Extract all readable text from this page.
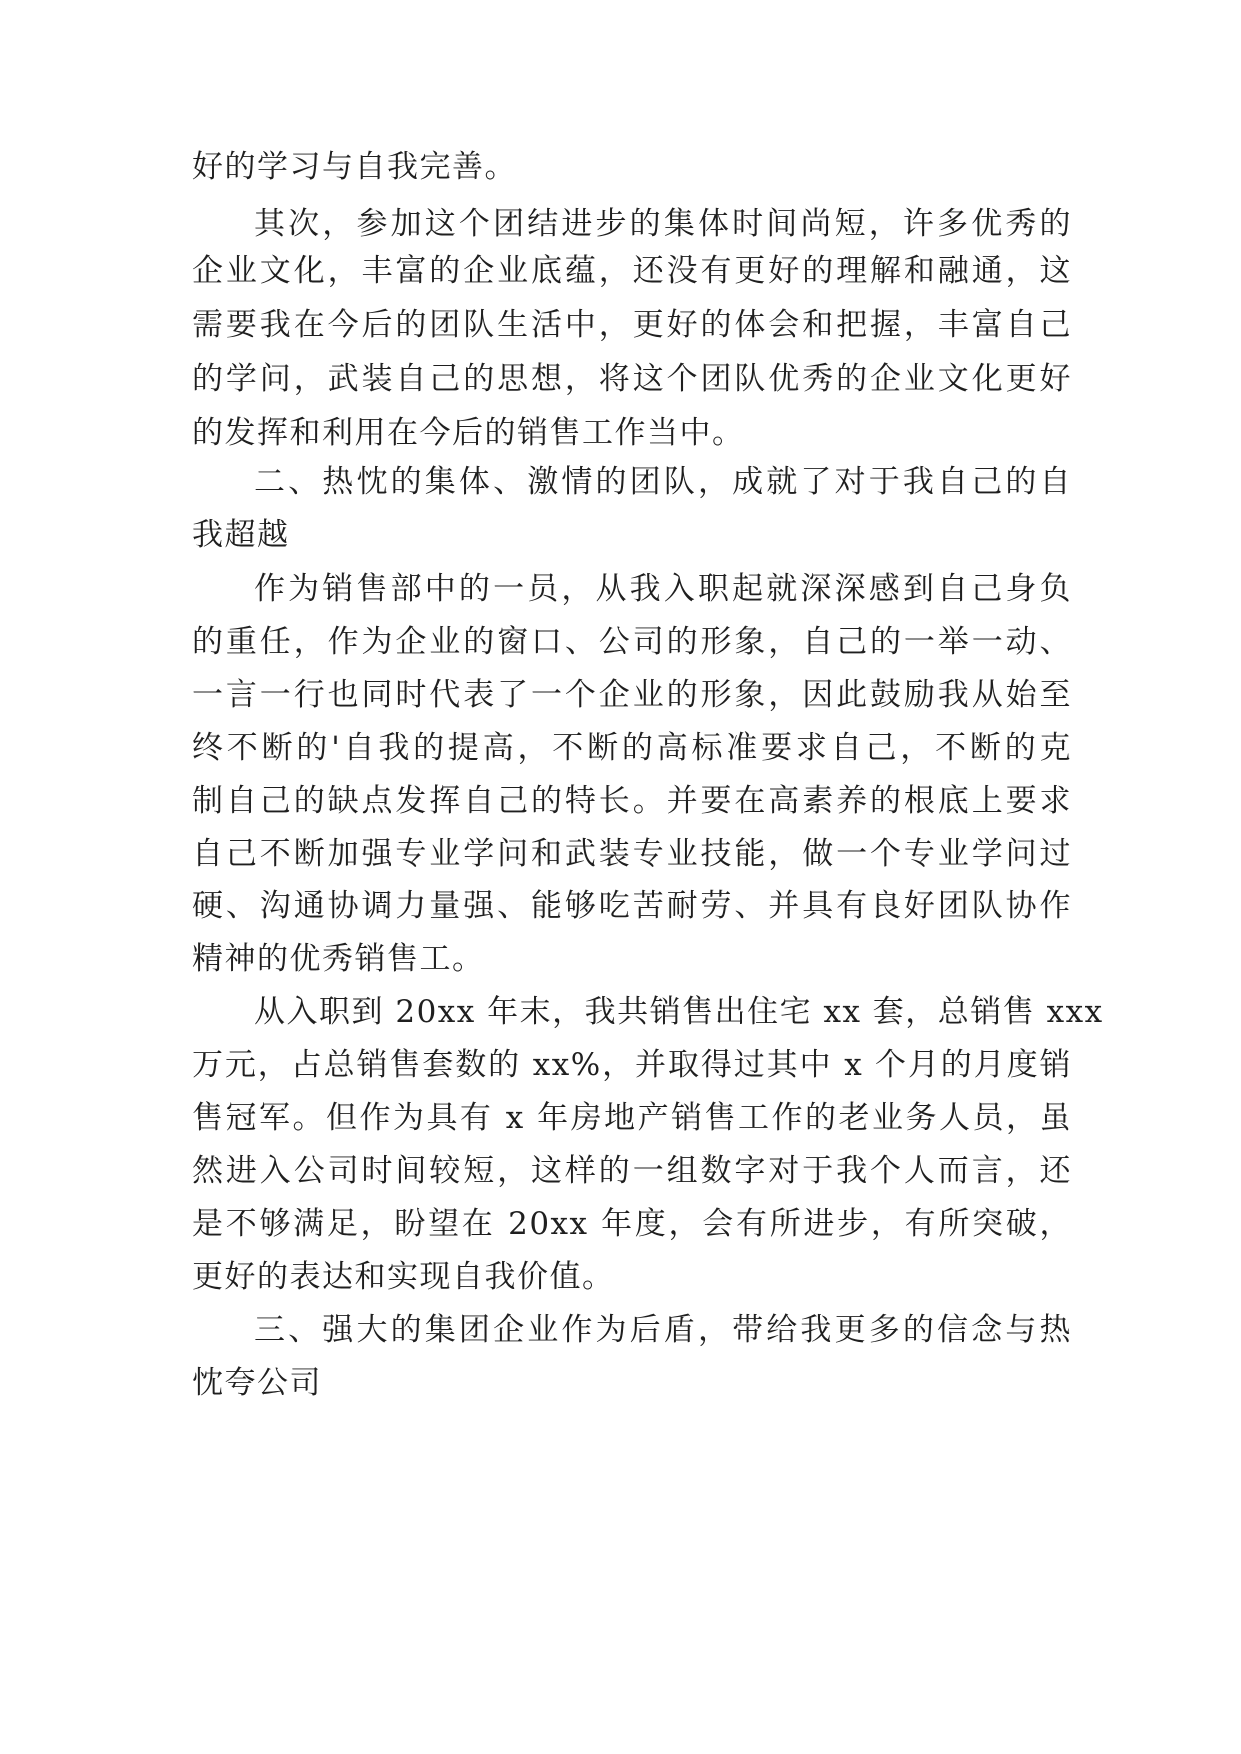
好的学习与自我完善。
其次，参加这个团结进步的集体时间尚短，许多优秀的
企业文化，丰富的企业底蕴，还没有更好的理解和融通，这
需要我在今后的团队生活中，更好的体会和把握，丰富自己
的学问，武装自己的思想，将这个团队优秀的企业文化更好
的发挥和利用在今后的销售工作当中。
二、热忱的集体、激情的团队，成就了对于我自己的自
我超越
作为销售部中的一员，从我入职起就深深感到自己身负
的重任，作为企业的窗口、公司的形象，自己的一举一动、
一言一行也同时代表了一个企业的形象，因此鼓励我从始至
终不断的'自我的提高，不断的高标准要求自己，不断的克
制自己的缺点发挥自己的特长。并要在高素养的根底上要求
自己不断加强专业学问和武装专业技能，做一个专业学问过
硬、沟通协调力量强、能够吃苦耐劳、并具有良好团队协作
精神的优秀销售工。
从入职到 20xx 年末，我共销售出住宅 xx 套，总销售 xxx
万元，占总销售套数的 xx%，并取得过其中 x 个月的月度销
售冠军。但作为具有 x 年房地产销售工作的老业务人员，虽
然进入公司时间较短，这样的一组数字对于我个人而言，还
是不够满足，盼望在 20xx 年度，会有所进步，有所突破，
更好的表达和实现自我价值。
三、强大的集团企业作为后盾，带给我更多的信念与热
忱夸公司
